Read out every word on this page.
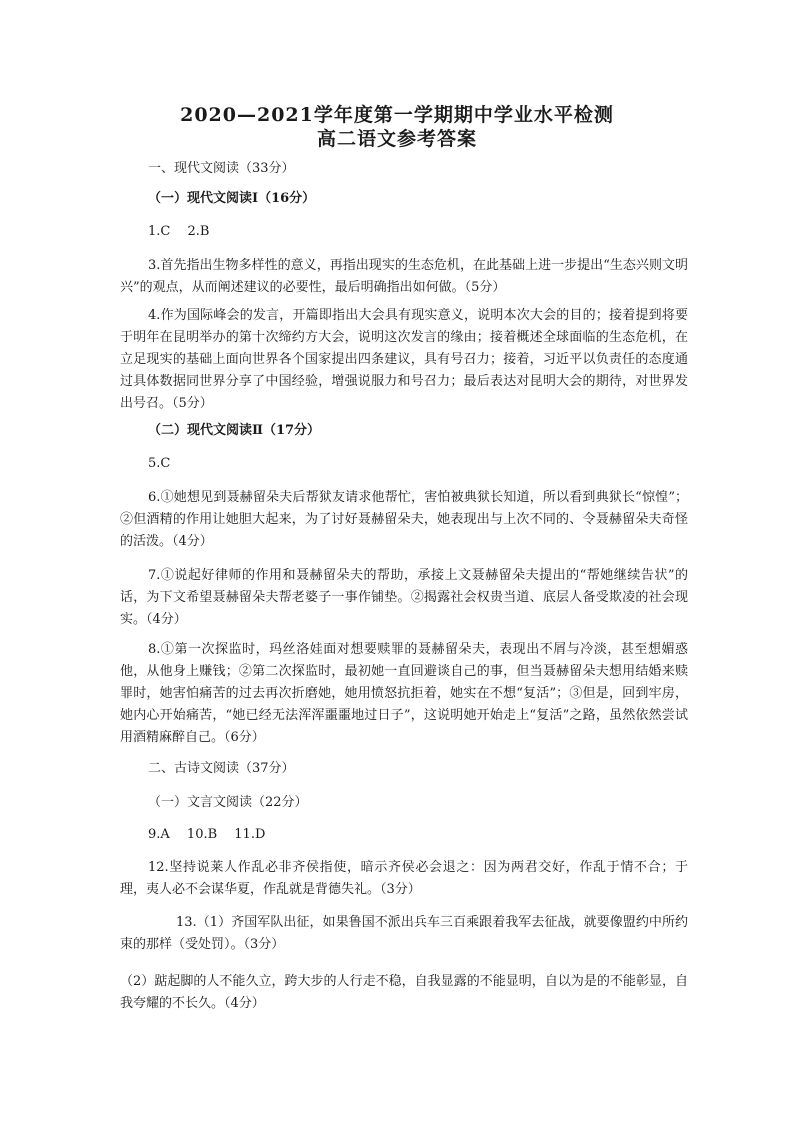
2020—2021学年度第一学期期中学业水平检测
高二语文参考答案
一、现代文阅读（33分）
（一）现代文阅读Ⅰ（16分）
1.C　 2.B
3.首先指出生物多样性的意义，再指出现实的生态危机，在此基础上进一步提出“生态兴则文明兴”的观点，从而阐述建议的必要性，最后明确指出如何做。（5分）
4.作为国际峰会的发言，开篇即指出大会具有现实意义，说明本次大会的目的；接着提到将要于明年在昆明举办的第十次缔约方大会，说明这次发言的缘由；接着概述全球面临的生态危机，在立足现实的基础上面向世界各个国家提出四条建议，具有号召力；接着，习近平以负责任的态度通过具体数据同世界分享了中国经验，增强说服力和号召力；最后表达对昆明大会的期待，对世界发出号召。（5分）
（二）现代文阅读Ⅱ（17分）
5.C
6.①她想见到聂赫留朵夫后帮狱友请求他帮忙，害怕被典狱长知道，所以看到典狱长“惊惶”；②但酒精的作用让她胆大起来，为了讨好聂赫留朵夫，她表现出与上次不同的、令聂赫留朵夫奇怪的活泼。（4分）
7.①说起好律师的作用和聂赫留朵夫的帮助，承接上文聂赫留朵夫提出的“帮她继续告状”的话，为下文希望聂赫留朵夫帮老婆子一事作铺垫。②揭露社会权贵当道、底层人备受欺凌的社会现实。（4分）
8.①第一次探监时，玛丝洛娃面对想要赎罪的聂赫留朵夫，表现出不屑与冷淡，甚至想媚惑他，从他身上赚钱；②第二次探监时，最初她一直回避谈自己的事，但当聂赫留朵夫想用结婚来赎罪时，她害怕痛苦的过去再次折磨她，她用愤怒抗拒着，她实在不想“复活”；③但是，回到牢房，她内心开始痛苦，“她已经无法浑浑噩噩地过日子”，这说明她开始走上“复活”之路，虽然依然尝试用酒精麻醉自己。（6分）
二、古诗文阅读（37分）
（一）文言文阅读（22分）
9.A　 10.B　 11.D
12.坚持说莱人作乱必非齐侯指使，暗示齐侯必会退之：因为两君交好，作乱于情不合；于理，夷人必不会谋华夏，作乱就是背德失礼。（3分）
13.（1）齐国军队出征，如果鲁国不派出兵车三百乘跟着我军去征战，就要像盟约中所约束的那样（受处罚）。（3分）
（2）踮起脚的人不能久立，跨大步的人行走不稳，自我显露的不能显明，自以为是的不能彰显，自我夸耀的不长久。（4分）
